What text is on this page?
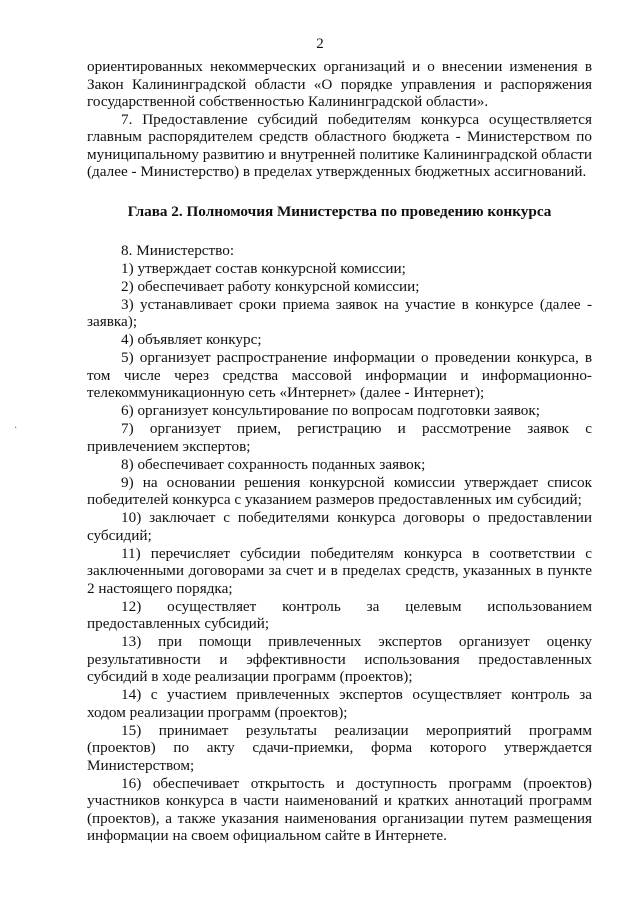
2
·

ориентированных некоммерческих организаций и о внесении изменения в Закон Калининградской области «О порядке управления и распоряжения государственной собственностью Калининградской области».

7. Предоставление субсидий победителям конкурса осуществляется главным распорядителем средств областного бюджета - Министерством по муниципальному развитию и внутренней политике Калининградской области (далее - Министерство) в пределах утвержденных бюджетных ассигнований.

Глава 2. Полномочия Министерства по проведению конкурса

8. Министерство:

1) утверждает состав конкурсной комиссии;

2) обеспечивает работу конкурсной комиссии;

3) устанавливает сроки приема заявок на участие в конкурсе (далее - заявка);

4) объявляет конкурс;

5) организует распространение информации о проведении конкурса, в том числе через средства массовой информации и информационно-телекоммуникационную сеть «Интернет» (далее - Интернет);

6) организует консультирование по вопросам подготовки заявок;

7) организует прием, регистрацию и рассмотрение заявок с привлечением экспертов;

8) обеспечивает сохранность поданных заявок;

9) на основании решения конкурсной комиссии утверждает список победителей конкурса с указанием размеров предоставленных им субсидий;

10) заключает с победителями конкурса договоры о предоставлении субсидий;

11) перечисляет субсидии победителям конкурса в соответствии с заключенными договорами за счет и в пределах средств, указанных в пункте 2 настоящего порядка;

12) осуществляет контроль за целевым использованием предоставленных субсидий;

13) при помощи привлеченных экспертов организует оценку результативности и эффективности использования предоставленных субсидий в ходе реализации программ (проектов);

14) с участием привлеченных экспертов осуществляет контроль за ходом реализации программ (проектов);

15) принимает результаты реализации мероприятий программ (проектов) по акту сдачи-приемки, форма которого утверждается Министерством;

16) обеспечивает открытость и доступность программ (проектов) участников конкурса в части наименований и кратких аннотаций программ (проектов), а также указания наименования организации путем размещения информации на своем официальном сайте в Интернете.
